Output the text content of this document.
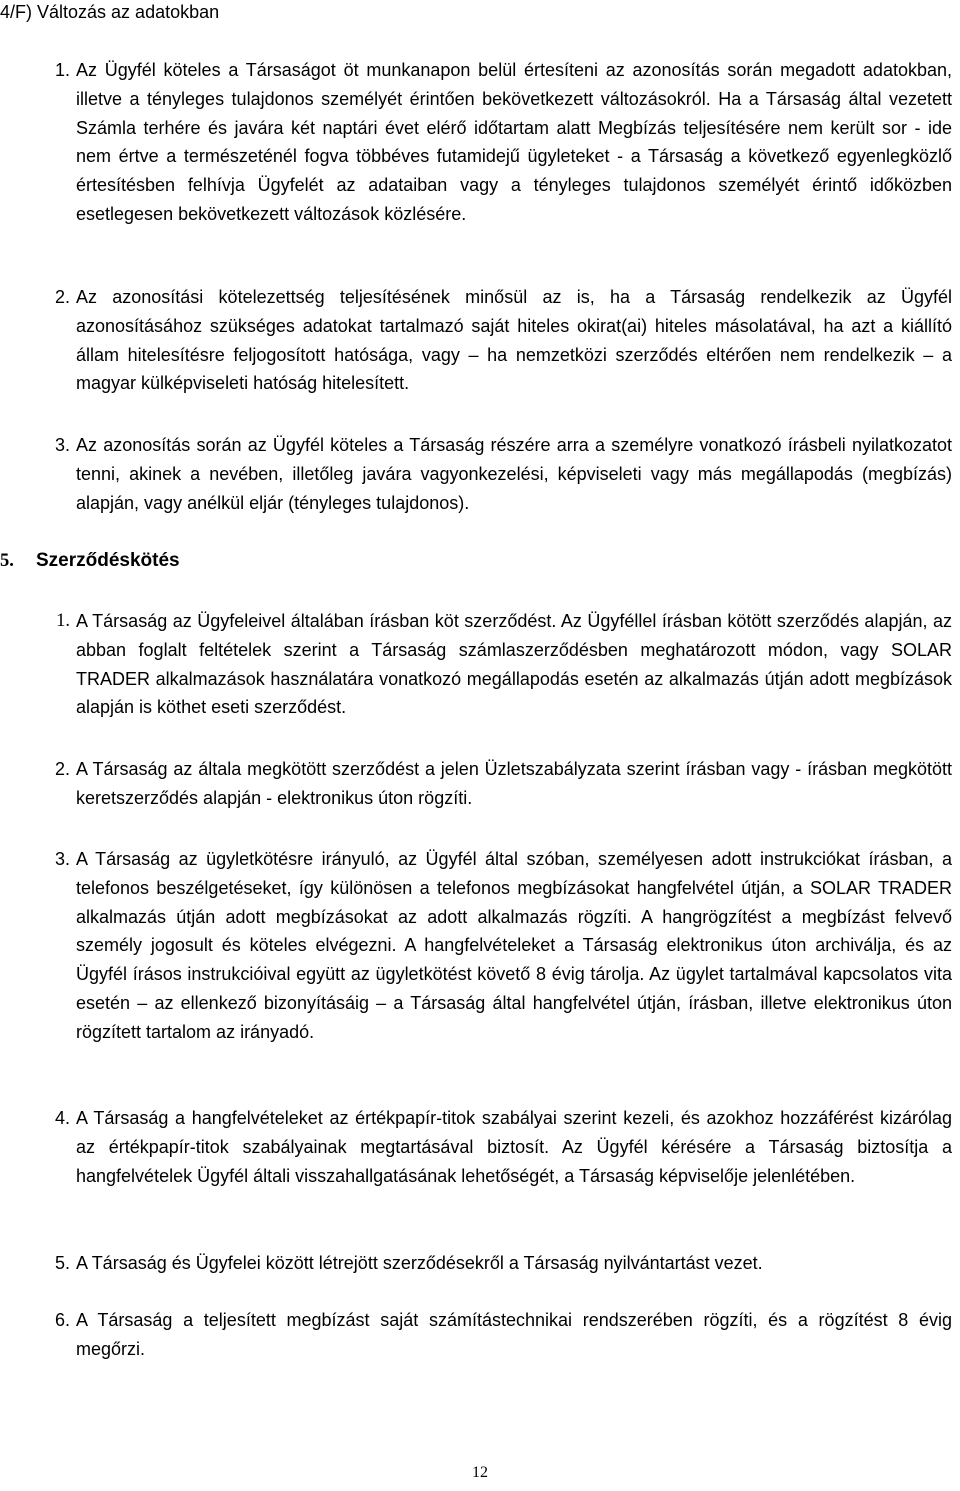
4/F) Változás az adatokban
1. Az Ügyfél köteles a Társaságot öt munkanapon belül értesíteni az azonosítás során megadott adatokban, illetve a tényleges tulajdonos személyét érintően bekövetkezett változásokról. Ha a Társaság által vezetett Számla terhére és javára két naptári évet elérő időtartam alatt Megbízás teljesítésére nem került sor - ide nem értve a természeténél fogva többéves futamidejű ügyleteket - a Társaság a következő egyenlegközlő értesítésben felhívja Ügyfelét az adataiban vagy a tényleges tulajdonos személyét érintő időközben esetlegesen bekövetkezett változások közlésére.
2. Az azonosítási kötelezettség teljesítésének minősül az is, ha a Társaság rendelkezik az Ügyfél azonosításához szükséges adatokat tartalmazó saját hiteles okirat(ai) hiteles másolatával, ha azt a kiállító állam hitelesítésre feljogosított hatósága, vagy – ha nemzetközi szerződés eltérően nem rendelkezik – a magyar külképviseleti hatóság hitelesített.
3. Az azonosítás során az Ügyfél köteles a Társaság részére arra a személyre vonatkozó írásbeli nyilatkozatot tenni, akinek a nevében, illetőleg javára vagyonkezelési, képviseleti vagy más megállapodás (megbízás) alapján, vagy anélkül eljár (tényleges tulajdonos).
5. Szerződéskötés
1. A Társaság az Ügyfeleivel általában írásban köt szerződést. Az Ügyféllel írásban kötött szerződés alapján, az abban foglalt feltételek szerint a Társaság számlaszerződésben meghatározott módon, vagy SOLAR TRADER alkalmazások használatára vonatkozó megállapodás esetén az alkalmazás útján adott megbízások alapján is köthet eseti szerződést.
2. A Társaság az általa megkötött szerződést a jelen Üzletszabályzata szerint írásban vagy - írásban megkötött keretszerződés alapján - elektronikus úton rögzíti.
3. A Társaság az ügyletkötésre irányuló, az Ügyfél által szóban, személyesen adott instrukciókat írásban, a telefonos beszélgetéseket, így különösen a telefonos megbízásokat hangfelvétel útján, a SOLAR TRADER alkalmazás útján adott megbízásokat az adott alkalmazás rögzíti. A hangrögzítést a megbízást felvevő személy jogosult és köteles elvégezni. A hangfelvételeket a Társaság elektronikus úton archiválja, és az Ügyfél írásos instrukcióival együtt az ügyletkötést követő 8 évig tárolja. Az ügylet tartalmával kapcsolatos vita esetén – az ellenkező bizonyításáig – a Társaság által hangfelvétel útján, írásban, illetve elektronikus úton rögzített tartalom az irányadó.
4. A Társaság a hangfelvételeket az értékpapír-titok szabályai szerint kezeli, és azokhoz hozzáférést kizárólag az értékpapír-titok szabályainak megtartásával biztosít. Az Ügyfél kérésére a Társaság biztosítja a hangfelvételek Ügyfél általi visszahallgatásának lehetőségét, a Társaság képviselője jelenlétében.
5. A Társaság és Ügyfelei között létrejött szerződésekről a Társaság nyilvántartást vezet.
6. A Társaság a teljesített megbízást saját számítástechnikai rendszerében rögzíti, és a rögzítést 8 évig megőrzi.
12
